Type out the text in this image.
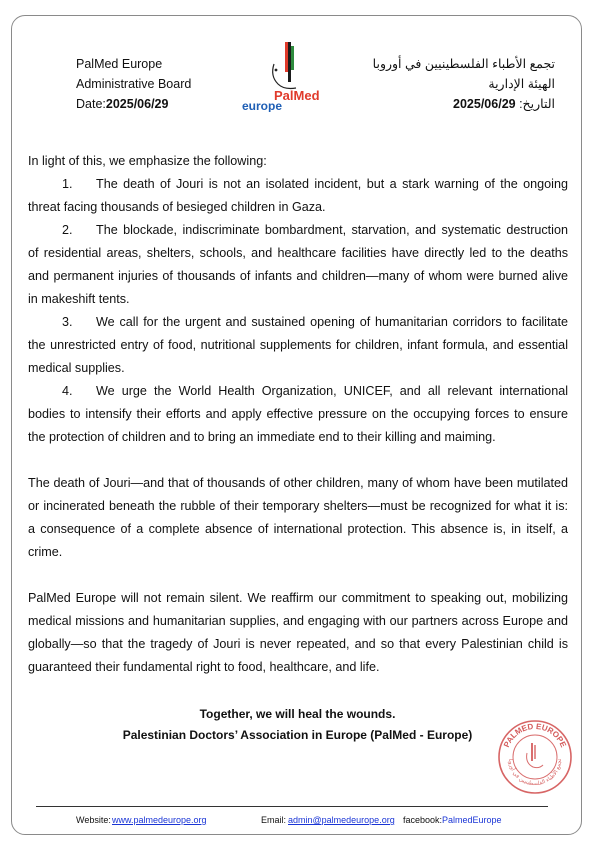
PalMed Europe
Administrative Board
Date:2025/06/29
PalMed
europe
تجمع الأطباء الفلسطينيين في أوروبا
الهيئة الإدارية
التاريخ: 2025/06/29

In light of this, we emphasize the following:

1. The death of Jouri is not an isolated incident, but a stark warning of the ongoing threat facing thousands of besieged children in Gaza.

2. The blockade, indiscriminate bombardment, starvation, and systematic destruction of residential areas, shelters, schools, and healthcare facilities have directly led to the deaths and permanent injuries of thousands of infants and children—many of whom were burned alive in makeshift tents.

3. We call for the urgent and sustained opening of humanitarian corridors to facilitate the unrestricted entry of food, nutritional supplements for children, infant formula, and essential medical supplies.

4. We urge the World Health Organization, UNICEF, and all relevant international bodies to intensify their efforts and apply effective pressure on the occupying forces to ensure the protection of children and to bring an immediate end to their killing and maiming.

The death of Jouri—and that of thousands of other children, many of whom have been mutilated or incinerated beneath the rubble of their temporary shelters—must be recognized for what it is: a consequence of a complete absence of international protection. This absence is, in itself, a crime.

PalMed Europe will not remain silent. We reaffirm our commitment to speaking out, mobilizing medical missions and humanitarian supplies, and engaging with our partners across Europe and globally—so that the tragedy of Jouri is never repeated, and so that every Palestinian child is guaranteed their fundamental right to food, healthcare, and life.

Together, we will heal the wounds.
Palestinian Doctors’ Association in Europe (PalMed - Europe)
PALMED EUROPE
تجمع الأطباء الفلسطينيين في أوروبا
Website: www.palmedeurope.org	Email: admin@palmedeurope.org facebook: PalmedEurope
